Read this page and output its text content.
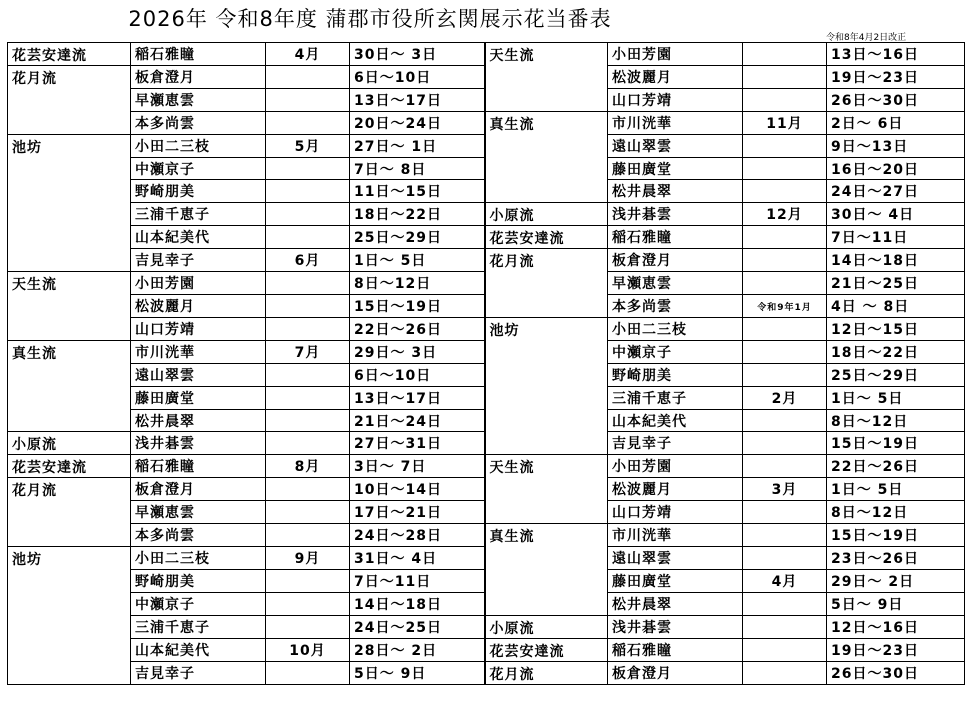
2026年 令和8年度 蒲郡市役所玄関展示花当番表
令和8年4月2日改正
花芸安達流	稲石雅瞳	4月	30日～ 3日	天生流	小田芳園		13日～16日
花月流	板倉澄月		6日～10日		松波麗月		19日～23日
	早瀬恵雲		13日～17日		山口芳靖		26日～30日
	本多尚雲		20日～24日	真生流	市川洸華	11月	2日～ 6日
池坊	小田二三枝	5月	27日～ 1日		遠山翠雲		9日～13日
	中瀬京子		7日～ 8日		藤田廣堂		16日～20日
	野崎朋美		11日～15日		松井晨翠		24日～27日
	三浦千恵子		18日～22日	小原流	浅井碁雲	12月	30日～ 4日
	山本紀美代		25日～29日	花芸安達流	稲石雅瞳		7日～11日
	吉見幸子	6月	1日～ 5日	花月流	板倉澄月		14日～18日
天生流	小田芳園		8日～12日		早瀬恵雲		21日～25日
	松波麗月		15日～19日		本多尚雲	令和9年1月	4日 ～ 8日
	山口芳靖		22日～26日	池坊	小田二三枝		12日～15日
真生流	市川洸華	7月	29日～ 3日		中瀬京子		18日～22日
	遠山翠雲		6日～10日		野崎朋美		25日～29日
	藤田廣堂		13日～17日		三浦千恵子	2月	1日～ 5日
	松井晨翠		21日～24日		山本紀美代		8日～12日
小原流	浅井碁雲		27日～31日		吉見幸子		15日～19日
花芸安達流	稲石雅瞳	8月	3日～ 7日	天生流	小田芳園		22日～26日
花月流	板倉澄月		10日～14日		松波麗月	3月	1日～ 5日
	早瀬恵雲		17日～21日		山口芳靖		8日～12日
	本多尚雲		24日～28日	真生流	市川洸華		15日～19日
池坊	小田二三枝	9月	31日～ 4日		遠山翠雲		23日～26日
	野崎朋美		7日～11日		藤田廣堂	4月	29日～ 2日
	中瀬京子		14日～18日		松井晨翠		5日～ 9日
	三浦千恵子		24日～25日	小原流	浅井碁雲		12日～16日
	山本紀美代	10月	28日～ 2日	花芸安達流	稲石雅瞳		19日～23日
	吉見幸子		5日～ 9日	花月流	板倉澄月		26日～30日
